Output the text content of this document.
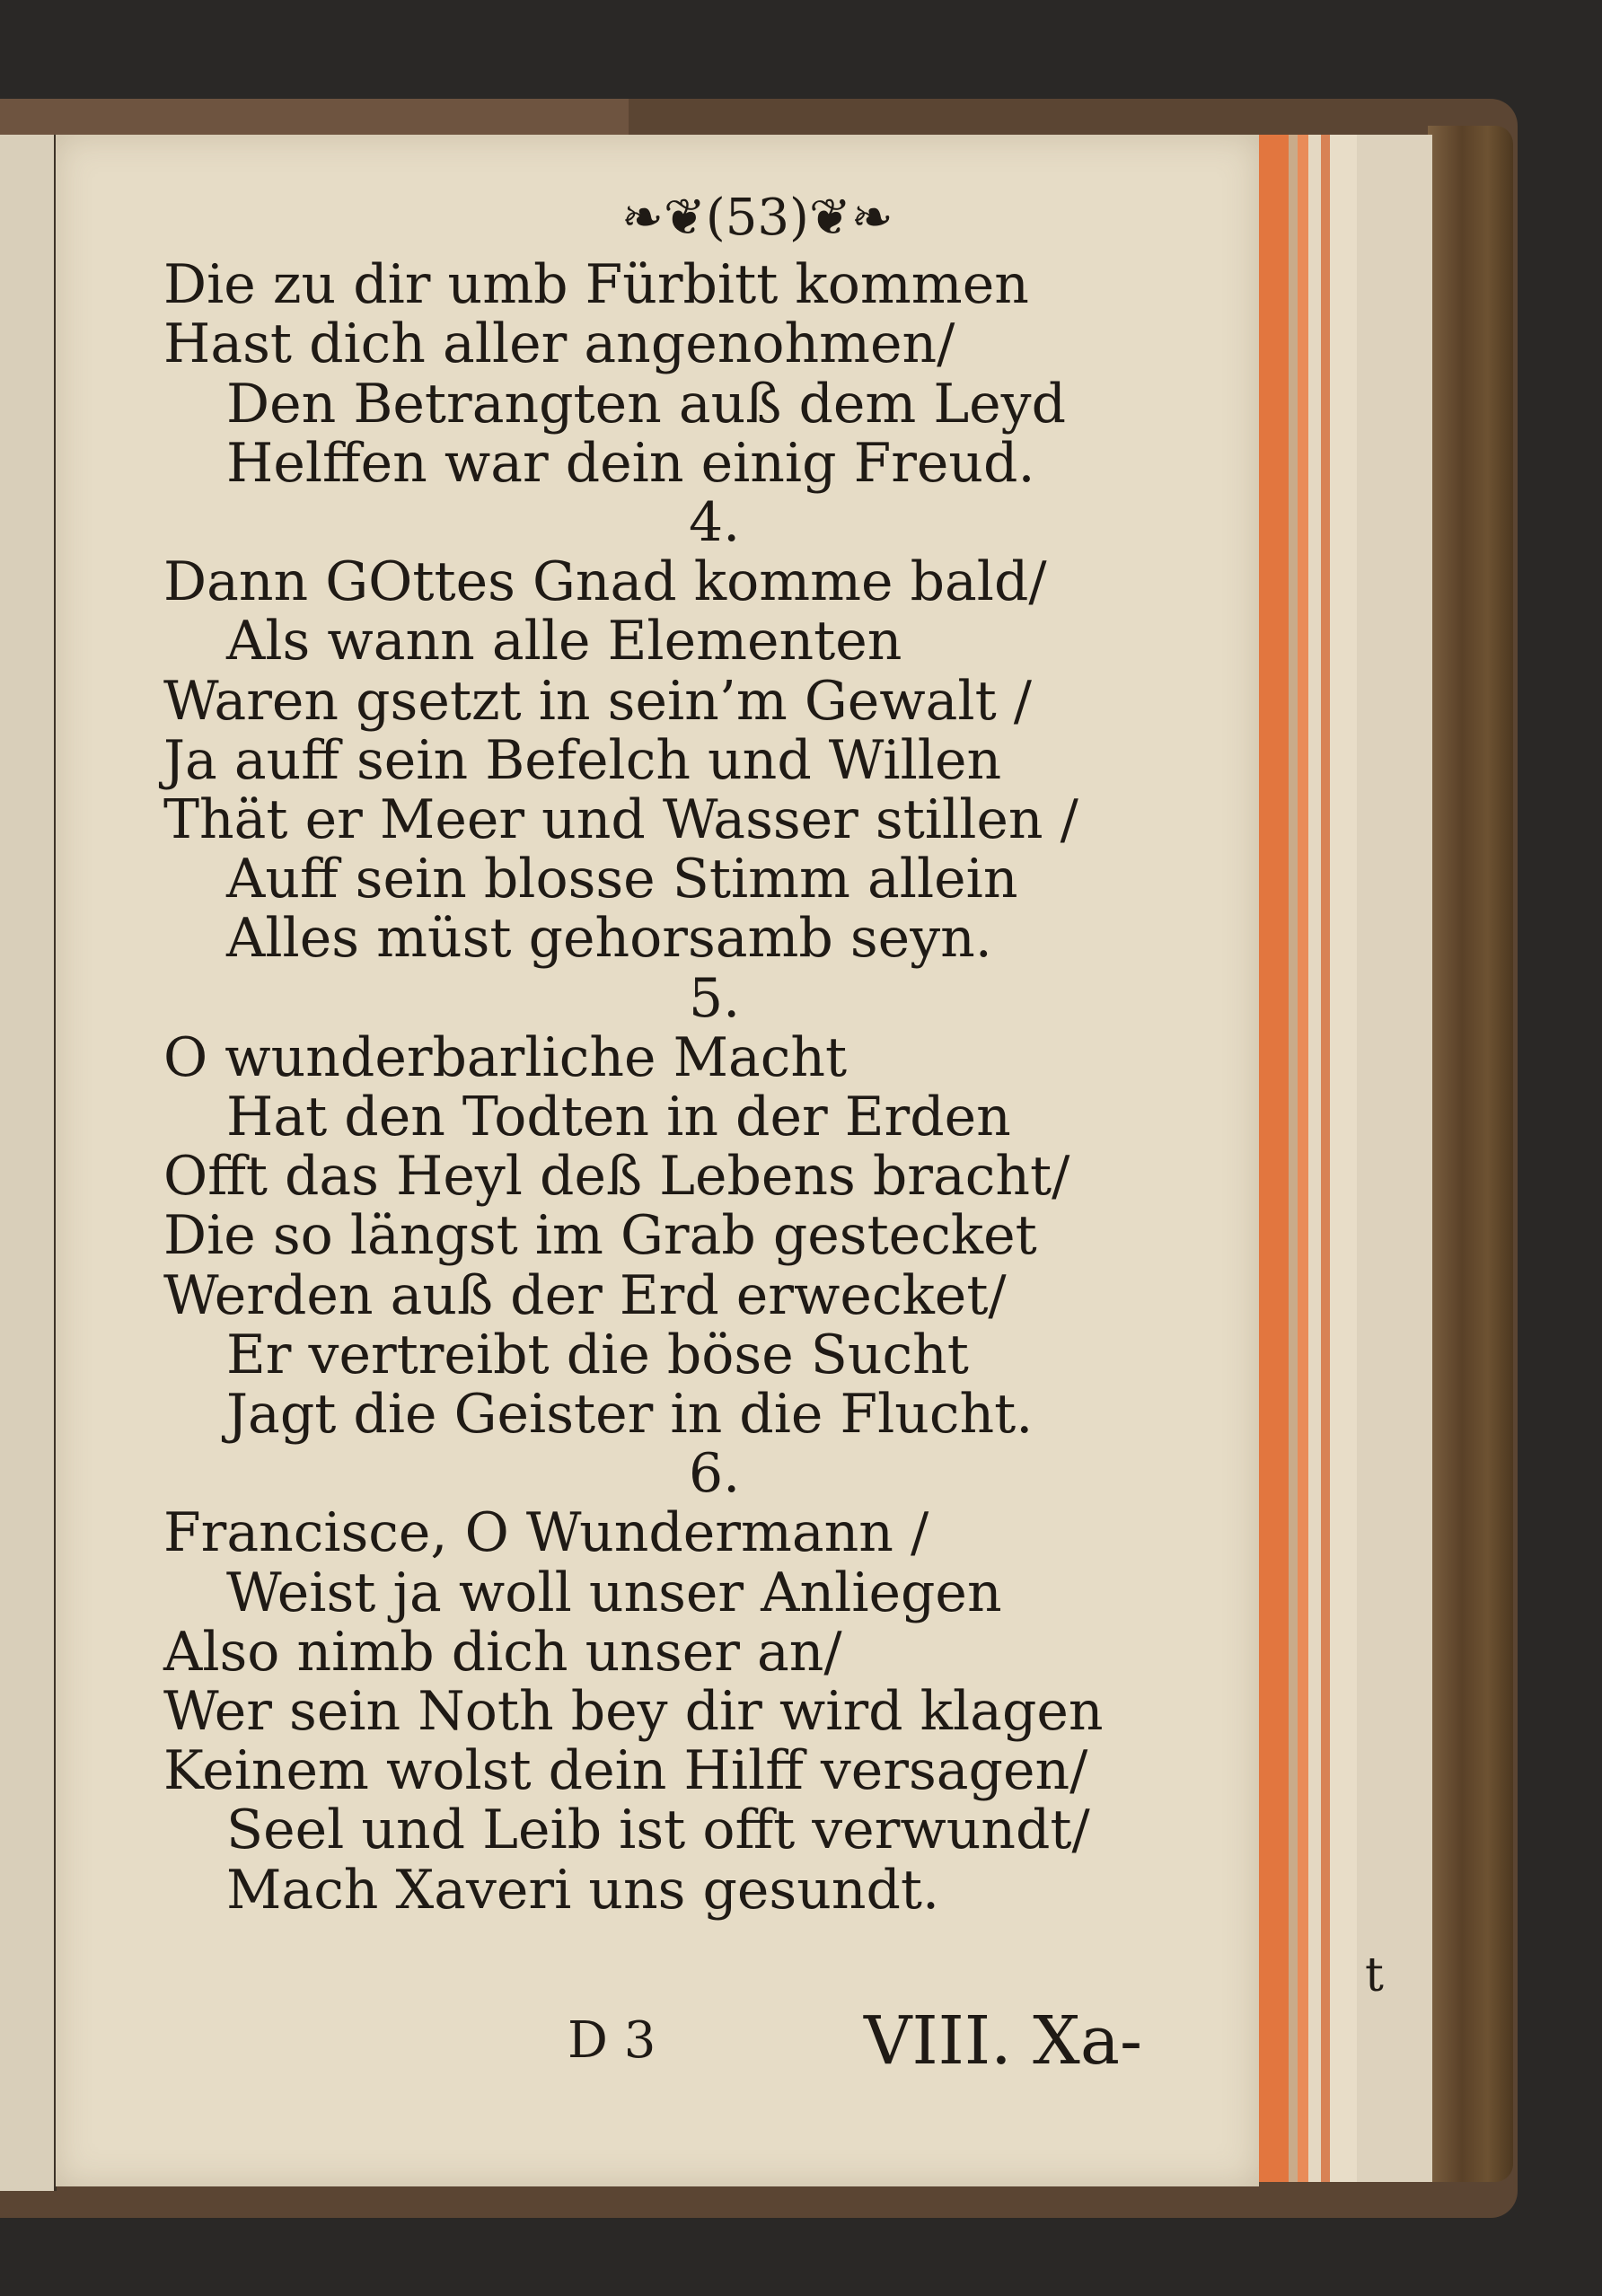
❧❦(53)❦❧
Die zu dir umb Fürbitt kommen
Hast dich aller angenohmen/
Den Betrangten auß dem Leyd
Helffen war dein einig Freud.
4.
Dann GOttes Gnad komme bald/
Als wann alle Elementen
Waren gsetzt in sein’m Gewalt /
Ja auff sein Befelch und Willen
Thät er Meer und Wasser stillen /
Auff sein blosse Stimm allein
Alles müst gehorsamb seyn.
5.
O wunderbarliche Macht
Hat den Todten in der Erden
Offt das Heyl deß Lebens bracht/
Die so längst im Grab gestecket
Werden auß der Erd erwecket/
Er vertreibt die böse Sucht
Jagt die Geister in die Flucht.
6.
Francisce, O Wundermann /
Weist ja woll unser Anliegen
Also nimb dich unser an/
Wer sein Noth bey dir wird klagen
Keinem wolst dein Hilff versagen/
Seel und Leib ist offt verwundt/
Mach Xaveri uns gesundt.
D 3	VIII. Xa-
t
